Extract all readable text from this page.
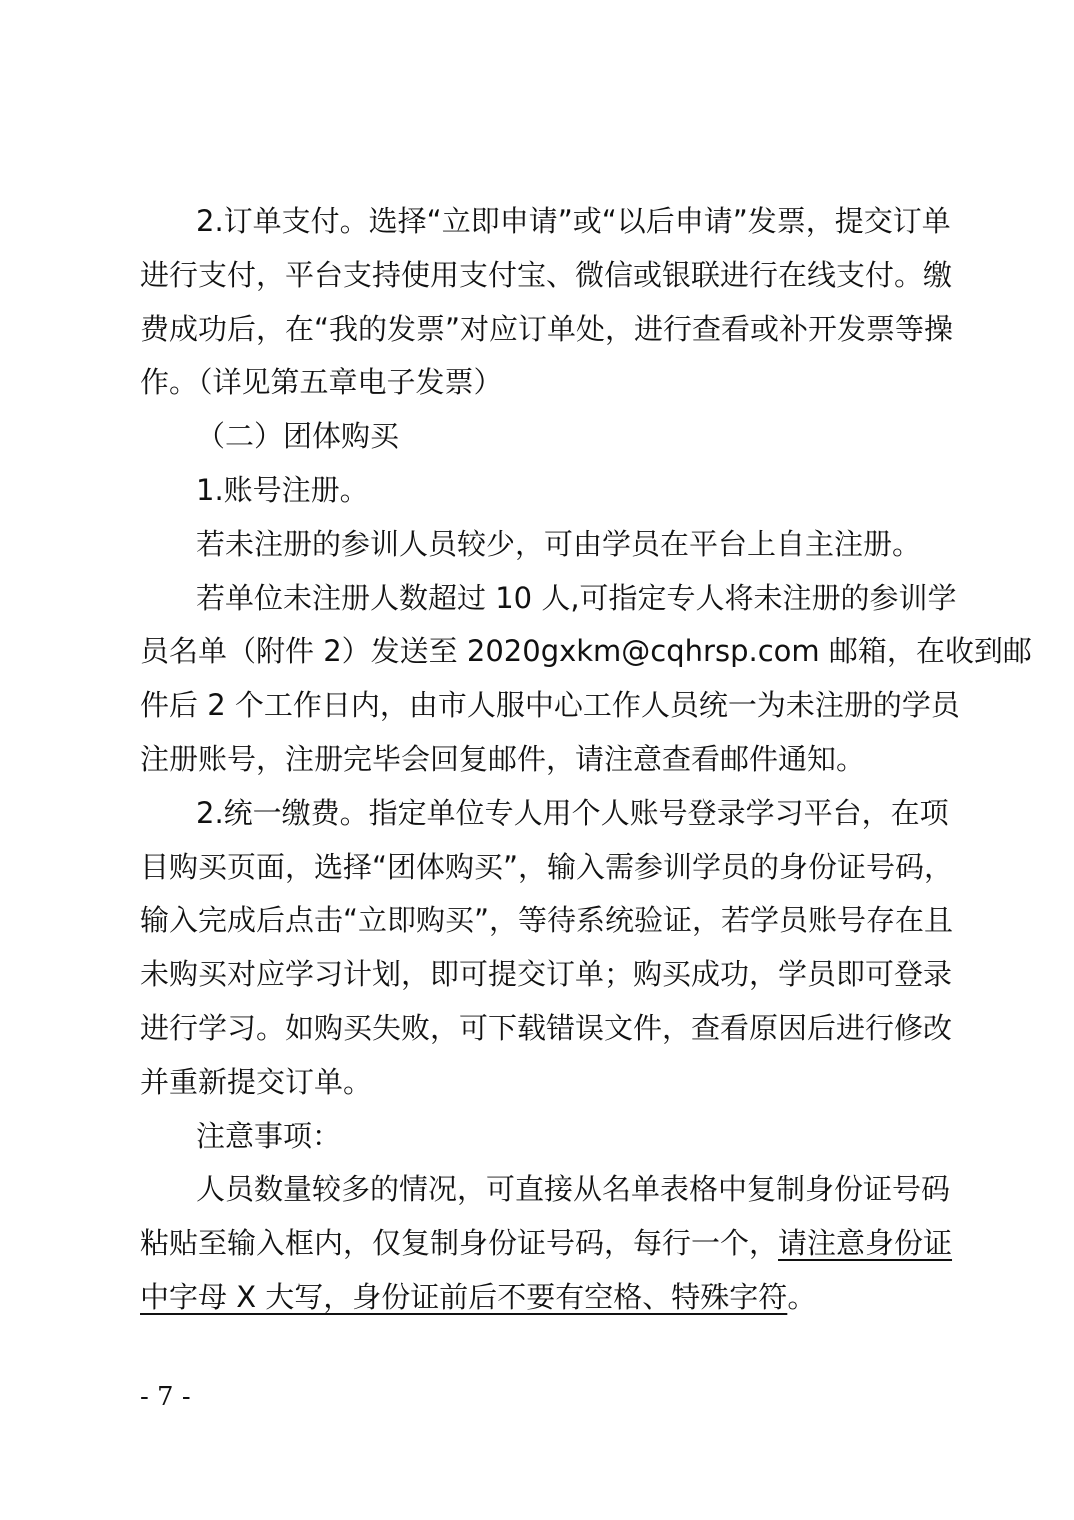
2.订单支付。选择“立即申请”或“以后申请”发票，提交订单
进行支付，平台支持使用支付宝、微信或银联进行在线支付。缴
费成功后，在“我的发票”对应订单处，进行查看或补开发票等操
作。（详见第五章电子发票）
（二）团体购买
1.账号注册。
若未注册的参训人员较少，可由学员在平台上自主注册。
若单位未注册人数超过 10 人,可指定专人将未注册的参训学
员名单（附件 2）发送至 2020gxkm@cqhrsp.com 邮箱，在收到邮
件后 2 个工作日内，由市人服中心工作人员统一为未注册的学员
注册账号，注册完毕会回复邮件，请注意查看邮件通知。
2.统一缴费。指定单位专人用个人账号登录学习平台，在项
目购买页面，选择“团体购买”，输入需参训学员的身份证号码，
输入完成后点击“立即购买”，等待系统验证，若学员账号存在且
未购买对应学习计划，即可提交订单；购买成功，学员即可登录
进行学习。如购买失败，可下载错误文件，查看原因后进行修改
并重新提交订单。
注意事项：
人员数量较多的情况，可直接从名单表格中复制身份证号码
粘贴至输入框内，仅复制身份证号码，每行一个，请注意身份证
中字母 X 大写，身份证前后不要有空格、特殊字符。
- 7 -
